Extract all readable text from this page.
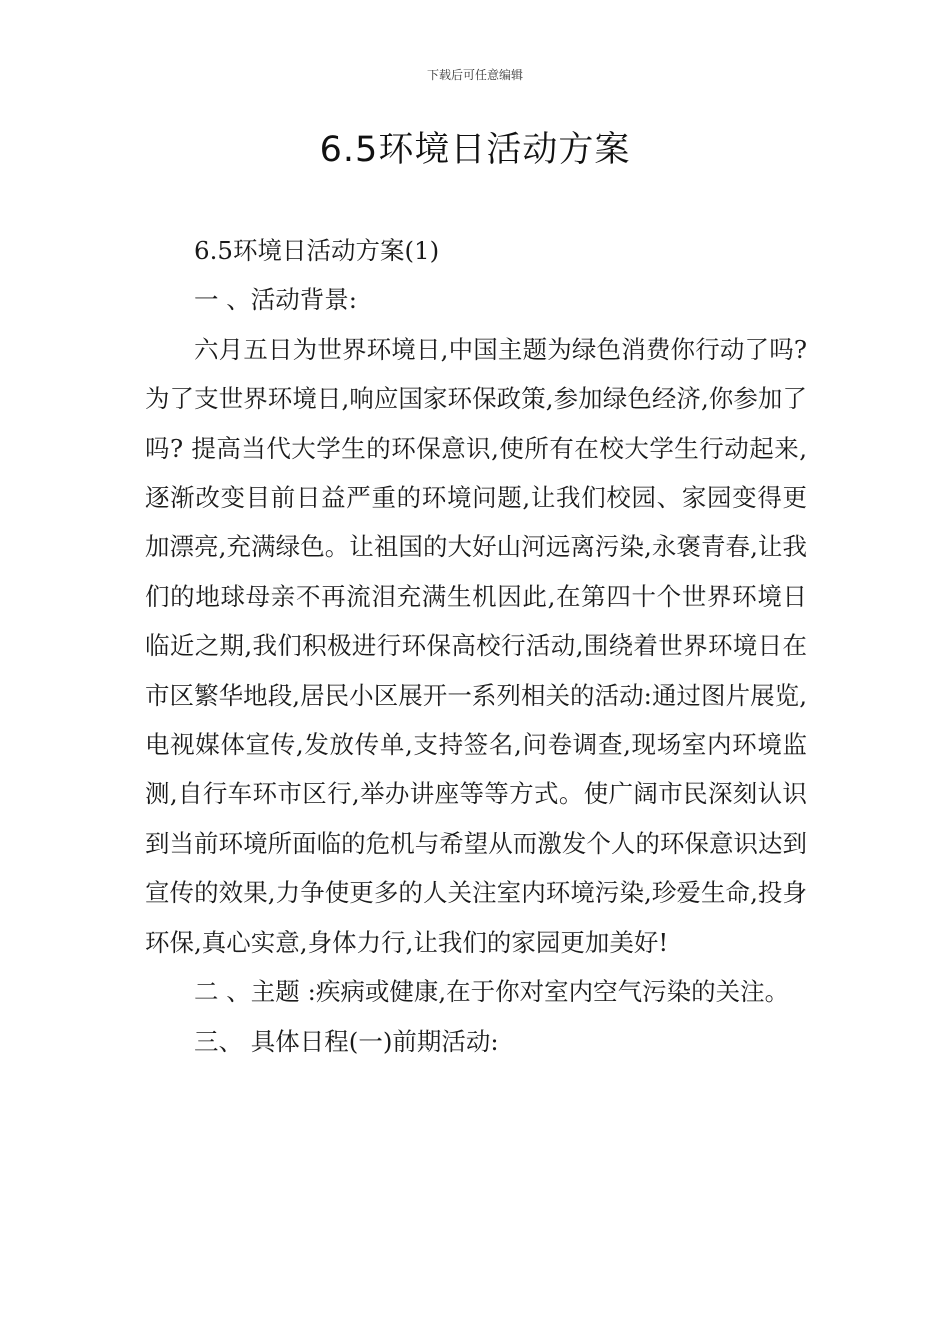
下载后可任意编辑
6.5环境日活动方案

6.5环境日活动方案(1)

一 、活动背景:

六月五日为世界环境日,中国主题为绿色消费你行动了吗?为了支世界环境日,响应国家环保政策,参加绿色经济,你参加了吗? 提高当代大学生的环保意识,使所有在校大学生行动起来,逐渐改变目前日益严重的环境问题,让我们校园、家园变得更加漂亮,充满绿色。让祖国的大好山河远离污染,永褒青春,让我们的地球母亲不再流泪充满生机因此,在第四十个世界环境日临近之期,我们积极进行环保高校行活动,围绕着世界环境日在市区繁华地段,居民小区展开一系列相关的活动:通过图片展览,电视媒体宣传,发放传单,支持签名,问卷调查,现场室内环境监测,自行车环市区行,举办讲座等等方式。使广阔市民深刻认识到当前环境所面临的危机与希望从而激发个人的环保意识达到宣传的效果,力争使更多的人关注室内环境污染,珍爱生命,投身环保,真心实意,身体力行,让我们的家园更加美好!

二 、主题 :疾病或健康,在于你对室内空气污染的关注。

三、 具体日程(一)前期活动:
